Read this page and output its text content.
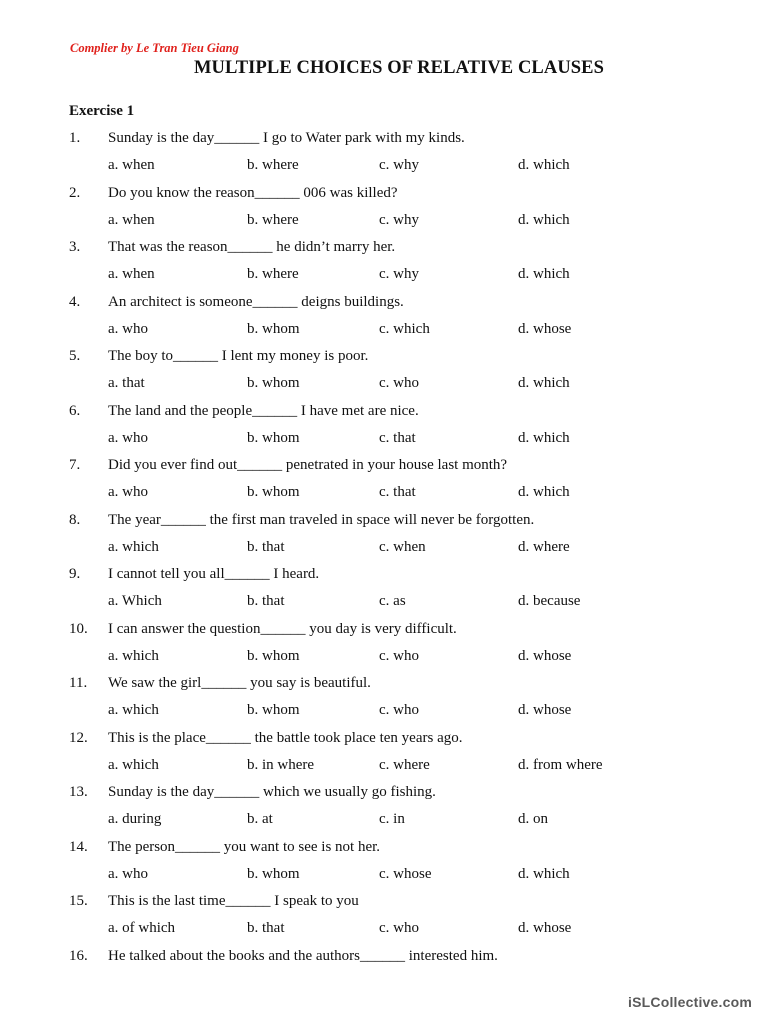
Complier by Le Tran Tieu Giang
MULTIPLE CHOICES OF RELATIVE CLAUSES
Exercise 1
1. Sunday is the day______ I go to Water park with my kinds.
a. when	b. where	c. why	d. which
2. Do you know the reason______ 006 was killed?
a. when	b. where	c. why	d. which
3. That was the reason______ he didn’t marry her.
a. when	b. where	c. why	d. which
4. An architect is someone______ deigns buildings.
a. who	b. whom	c. which	d. whose
5. The boy to______ I lent my money is poor.
a. that	b. whom	c. who	d. which
6. The land and the people______ I have met are nice.
a. who	b. whom	c. that	d. which
7. Did you ever find out______ penetrated in your house last month?
a. who	b. whom	c. that	d. which
8. The year______ the first man traveled in space will never be forgotten.
a. which	b. that	c. when	d. where
9. I cannot tell you all______ I heard.
a. Which	b. that	c. as	d. because
10. I can answer the question______ you day is very difficult.
a. which	b. whom	c. who	d. whose
11. We saw the girl______ you say is beautiful.
a. which	b. whom	c. who	d. whose
12. This is the place______ the battle took place ten years ago.
a. which	b. in where	c. where	d. from where
13. Sunday is the day______ which we usually go fishing.
a. during	b. at	c. in	d. on
14. The person______ you want to see is not her.
a. who	b. whom	c. whose	d. which
15. This is the last time______ I speak to you
a. of which	b. that	c. who	d. whose
16. He talked about the books and the authors______ interested him.
iSLCollective.com
